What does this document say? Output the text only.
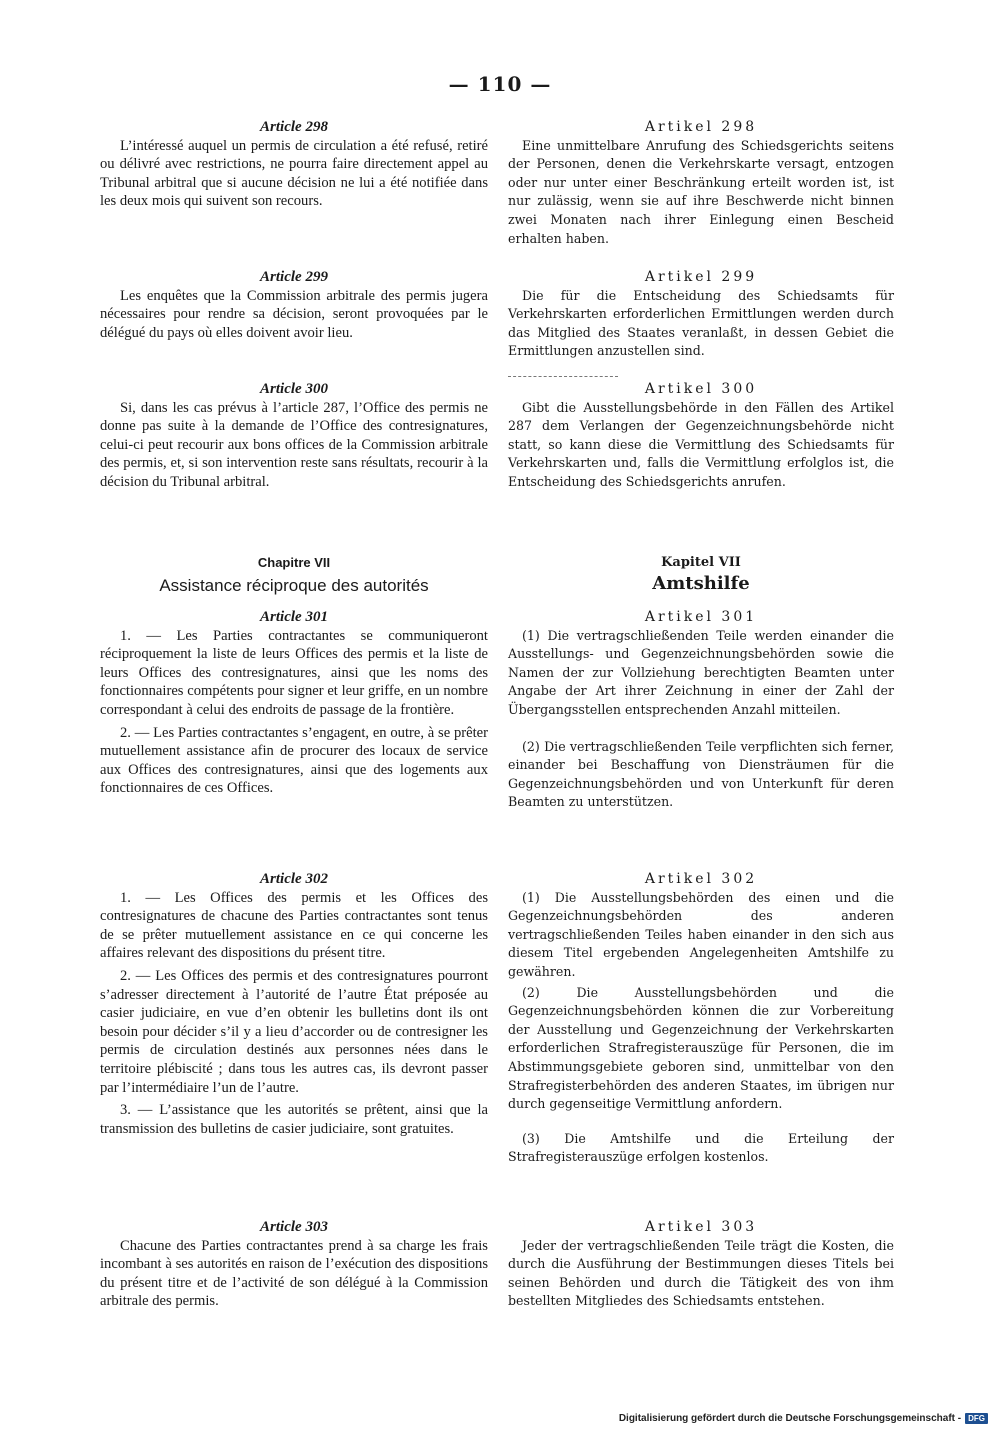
— 110 —

Article 298

L’intéressé auquel un permis de circulation a été refusé, retiré ou délivré avec restrictions, ne pourra faire directement appel au Tribunal arbitral que si aucune décision ne lui a été notifiée dans les deux mois qui suivent son recours.

Article 299

Les enquêtes que la Commission arbitrale des permis jugera nécessaires pour rendre sa décision, seront provoquées par le délégué du pays où elles doivent avoir lieu.

Article 300

Si, dans les cas prévus à l’article 287, l’Office des permis ne donne pas suite à la demande de l’Office des contresignatures, celui-ci peut recourir aux bons offices de la Commission arbitrale des permis, et, si son intervention reste sans résultats, recourir à la décision du Tribunal arbitral.

Chapitre VII

Assistance réciproque des autorités

Article 301

1. — Les Parties contractantes se communiqueront réciproquement la liste de leurs Offices des permis et la liste de leurs Offices des contresignatures, ainsi que les noms des fonctionnaires compétents pour signer et leur griffe, en un nombre correspondant à celui des endroits de passage de la frontière.

2. — Les Parties contractantes s’engagent, en outre, à se prêter mutuellement assistance afin de procurer des locaux de service aux Offices des contresignatures, ainsi que des logements aux fonctionnaires de ces Offices.

Article 302

1. — Les Offices des permis et les Offices des contresignatures de chacune des Parties contractantes sont tenus de se prêter mutuellement assistance en ce qui concerne les affaires relevant des dispositions du présent titre.

2. — Les Offices des permis et des contresignatures pourront s’adresser directement à l’autorité de l’autre État préposée au casier judiciaire, en vue d’en obtenir les bulletins dont ils ont besoin pour décider s’il y a lieu d’accorder ou de contresigner les permis de circulation destinés aux personnes nées dans le territoire plébiscité ; dans tous les autres cas, ils devront passer par l’intermédiaire l’un de l’autre.

3. — L’assistance que les autorités se prêtent, ainsi que la transmission des bulletins de casier judiciaire, sont gratuites.

Article 303

Chacune des Parties contractantes prend à sa charge les frais incombant à ses autorités en raison de l’exécution des dispositions du présent titre et de l’activité de son délégué à la Commission arbitrale des permis.

Artikel 298

Eine unmittelbare Anrufung des Schiedsgerichts seitens der Personen, denen die Verkehrskarte versagt, entzogen oder nur unter einer Beschränkung erteilt worden ist, ist nur zulässig, wenn sie auf ihre Beschwerde nicht binnen zwei Monaten nach ihrer Einlegung einen Bescheid erhalten haben.

Artikel 299

Die für die Entscheidung des Schiedsamts für Verkehrskarten erforderlichen Ermittlungen werden durch das Mitglied des Staates veranlaßt, in dessen Gebiet die Ermittlungen anzustellen sind.

Artikel 300

Gibt die Ausstellungsbehörde in den Fällen des Artikel 287 dem Verlangen der Gegenzeichnungsbehörde nicht statt, so kann diese die Vermittlung des Schiedsamts für Verkehrskarten und, falls die Vermittlung erfolglos ist, die Entscheidung des Schiedsgerichts anrufen.

Kapitel VII

Amtshilfe

Artikel 301

(1) Die vertragschließenden Teile werden einander die Ausstellungs- und Gegenzeichnungsbehörden sowie die Namen der zur Vollziehung berechtigten Beamten unter Angabe der Art ihrer Zeichnung in einer der Zahl der Übergangsstellen entsprechenden Anzahl mitteilen.

(2) Die vertragschließenden Teile verpflichten sich ferner, einander bei Beschaffung von Diensträumen für die Gegenzeichnungsbehörden und von Unterkunft für deren Beamten zu unterstützen.

Artikel 302

(1) Die Ausstellungsbehörden des einen und die Gegenzeichnungsbehörden des anderen vertragschließenden Teiles haben einander in den sich aus diesem Titel ergebenden Angelegenheiten Amtshilfe zu gewähren.

(2) Die Ausstellungsbehörden und die Gegenzeichnungsbehörden können die zur Vorbereitung der Ausstellung und Gegenzeichnung der Verkehrskarten erforderlichen Strafregisterauszüge für Personen, die im Abstimmungsgebiete geboren sind, unmittelbar von den Strafregisterbehörden des anderen Staates, im übrigen nur durch gegenseitige Vermittlung anfordern.

(3) Die Amtshilfe und die Erteilung der Strafregisterauszüge erfolgen kostenlos.

Artikel 303

Jeder der vertragschließenden Teile trägt die Kosten, die durch die Ausführung der Bestimmungen dieses Titels bei seinen Behörden und durch die Tätigkeit des von ihm bestellten Mitgliedes des Schiedsamts entstehen.

Digitalisierung gefördert durch die Deutsche Forschungsgemeinschaft - DFG
